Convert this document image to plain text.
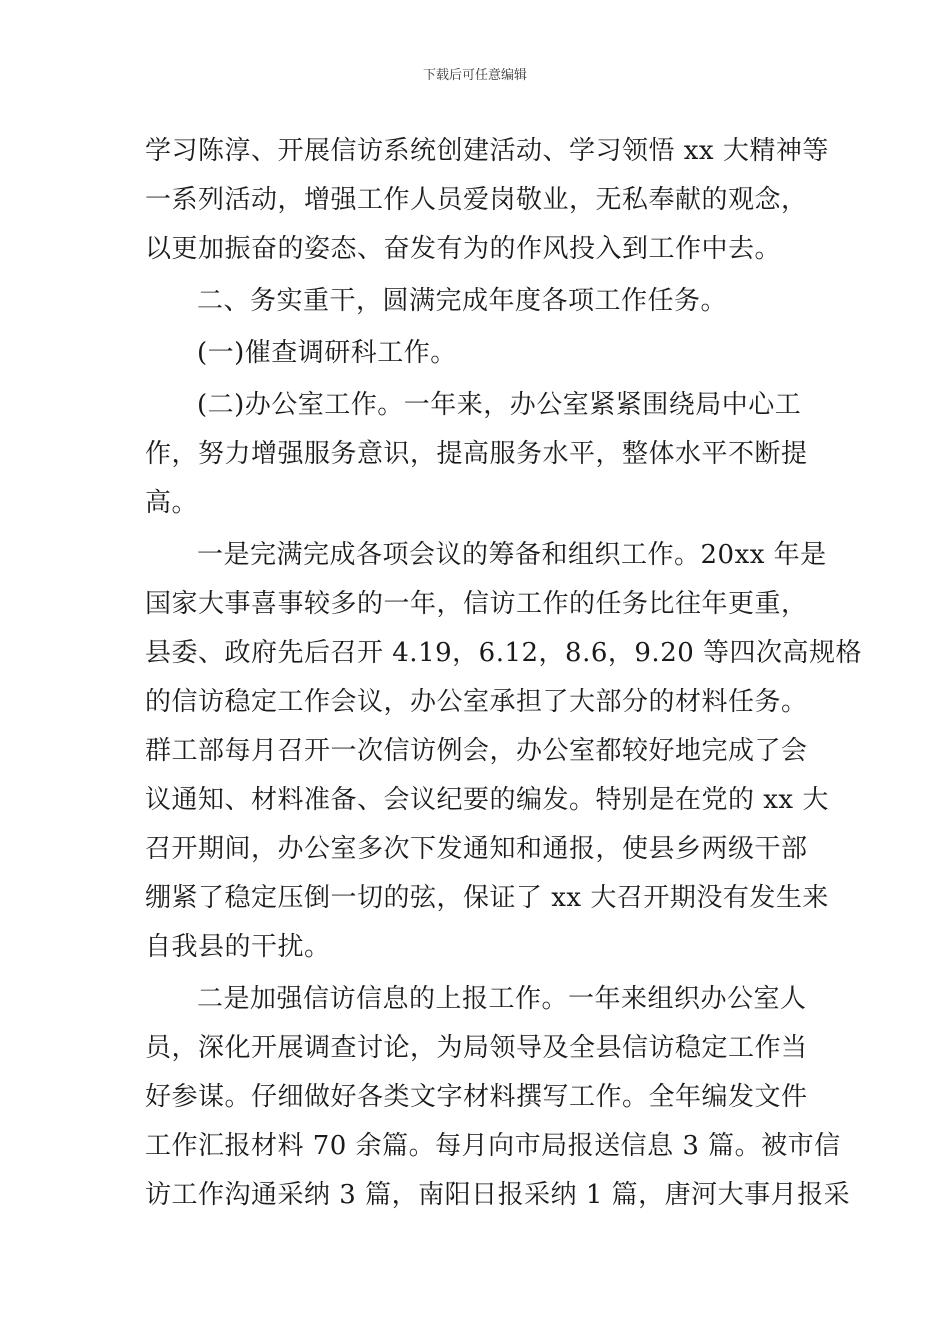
下载后可任意编辑
学习陈淳、开展信访系统创建活动、学习领悟 xx 大精神等
一系列活动，增强工作人员爱岗敬业，无私奉献的观念，
以更加振奋的姿态、奋发有为的作风投入到工作中去。
二、务实重干，圆满完成年度各项工作任务。
(一)催查调研科工作。
(二)办公室工作。一年来，办公室紧紧围绕局中心工
作，努力增强服务意识，提高服务水平，整体水平不断提
高。
一是完满完成各项会议的筹备和组织工作。20xx 年是
国家大事喜事较多的一年，信访工作的任务比往年更重，
县委、政府先后召开 4.19，6.12，8.6，9.20 等四次高规格
的信访稳定工作会议，办公室承担了大部分的材料任务。
群工部每月召开一次信访例会，办公室都较好地完成了会
议通知、材料准备、会议纪要的编发。特别是在党的 xx 大
召开期间，办公室多次下发通知和通报，使县乡两级干部
绷紧了稳定压倒一切的弦，保证了 xx 大召开期没有发生来
自我县的干扰。
二是加强信访信息的上报工作。一年来组织办公室人
员，深化开展调查讨论，为局领导及全县信访稳定工作当
好参谋。仔细做好各类文字材料撰写工作。全年编发文件
工作汇报材料 70 余篇。每月向市局报送信息 3 篇。被市信
访工作沟通采纳 3 篇，南阳日报采纳 1 篇，唐河大事月报采
